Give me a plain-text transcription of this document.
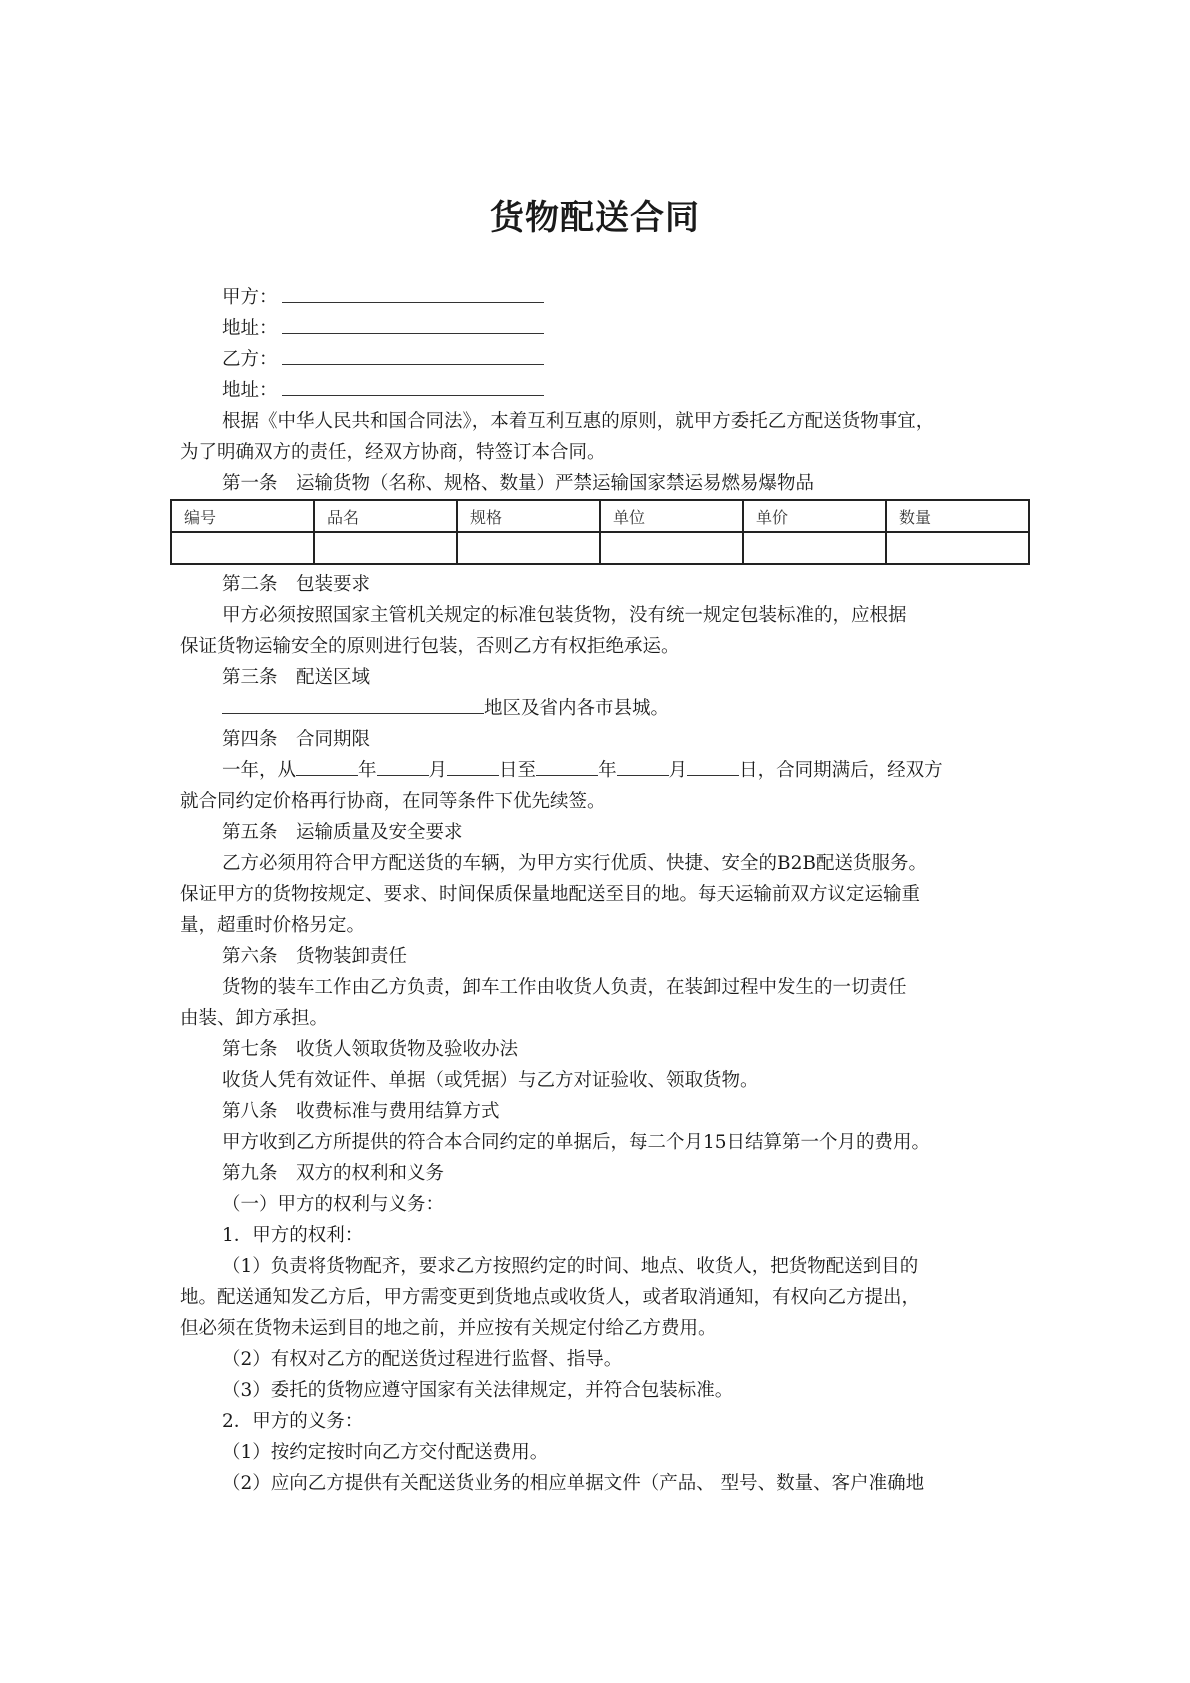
货物配送合同
甲方：
地址：
乙方：
地址：
根据《中华人民共和国合同法》，本着互利互惠的原则，就甲方委托乙方配送货物事宜，
为了明确双方的责任，经双方协商，特签订本合同。
第一条　运输货物（名称、规格、数量）严禁运输国家禁运易燃易爆物品
编号	品名	规格	单位	单价	数量

第二条　包装要求
甲方必须按照国家主管机关规定的标准包装货物，没有统一规定包装标准的，应根据
保证货物运输安全的原则进行包装，否则乙方有权拒绝承运。
第三条　配送区域
地区及省内各市县城。
第四条　合同期限
一年，从	年	月	日至	年	月	日，合同期满后，经双方
就合同约定价格再行协商，在同等条件下优先续签。
第五条　运输质量及安全要求
乙方必须用符合甲方配送货的车辆，为甲方实行优质、快捷、安全的B2B配送货服务。
保证甲方的货物按规定、要求、时间保质保量地配送至目的地。每天运输前双方议定运输重
量，超重时价格另定。
第六条　货物装卸责任
货物的装车工作由乙方负责，卸车工作由收货人负责，在装卸过程中发生的一切责任
由装、卸方承担。
第七条　收货人领取货物及验收办法
收货人凭有效证件、单据（或凭据）与乙方对证验收、领取货物。
第八条　收费标准与费用结算方式
甲方收到乙方所提供的符合本合同约定的单据后，每二个月15日结算第一个月的费用。
第九条　双方的权利和义务
（一）甲方的权利与义务：
1．甲方的权利：
（1）负责将货物配齐，要求乙方按照约定的时间、地点、收货人，把货物配送到目的
地。配送通知发乙方后，甲方需变更到货地点或收货人，或者取消通知，有权向乙方提出，
但必须在货物未运到目的地之前，并应按有关规定付给乙方费用。
（2）有权对乙方的配送货过程进行监督、指导。
（3）委托的货物应遵守国家有关法律规定，并符合包装标准。
2．甲方的义务：
（1）按约定按时向乙方交付配送费用。
（2）应向乙方提供有关配送货业务的相应单据文件（产品、 型号、数量、客户准确地
